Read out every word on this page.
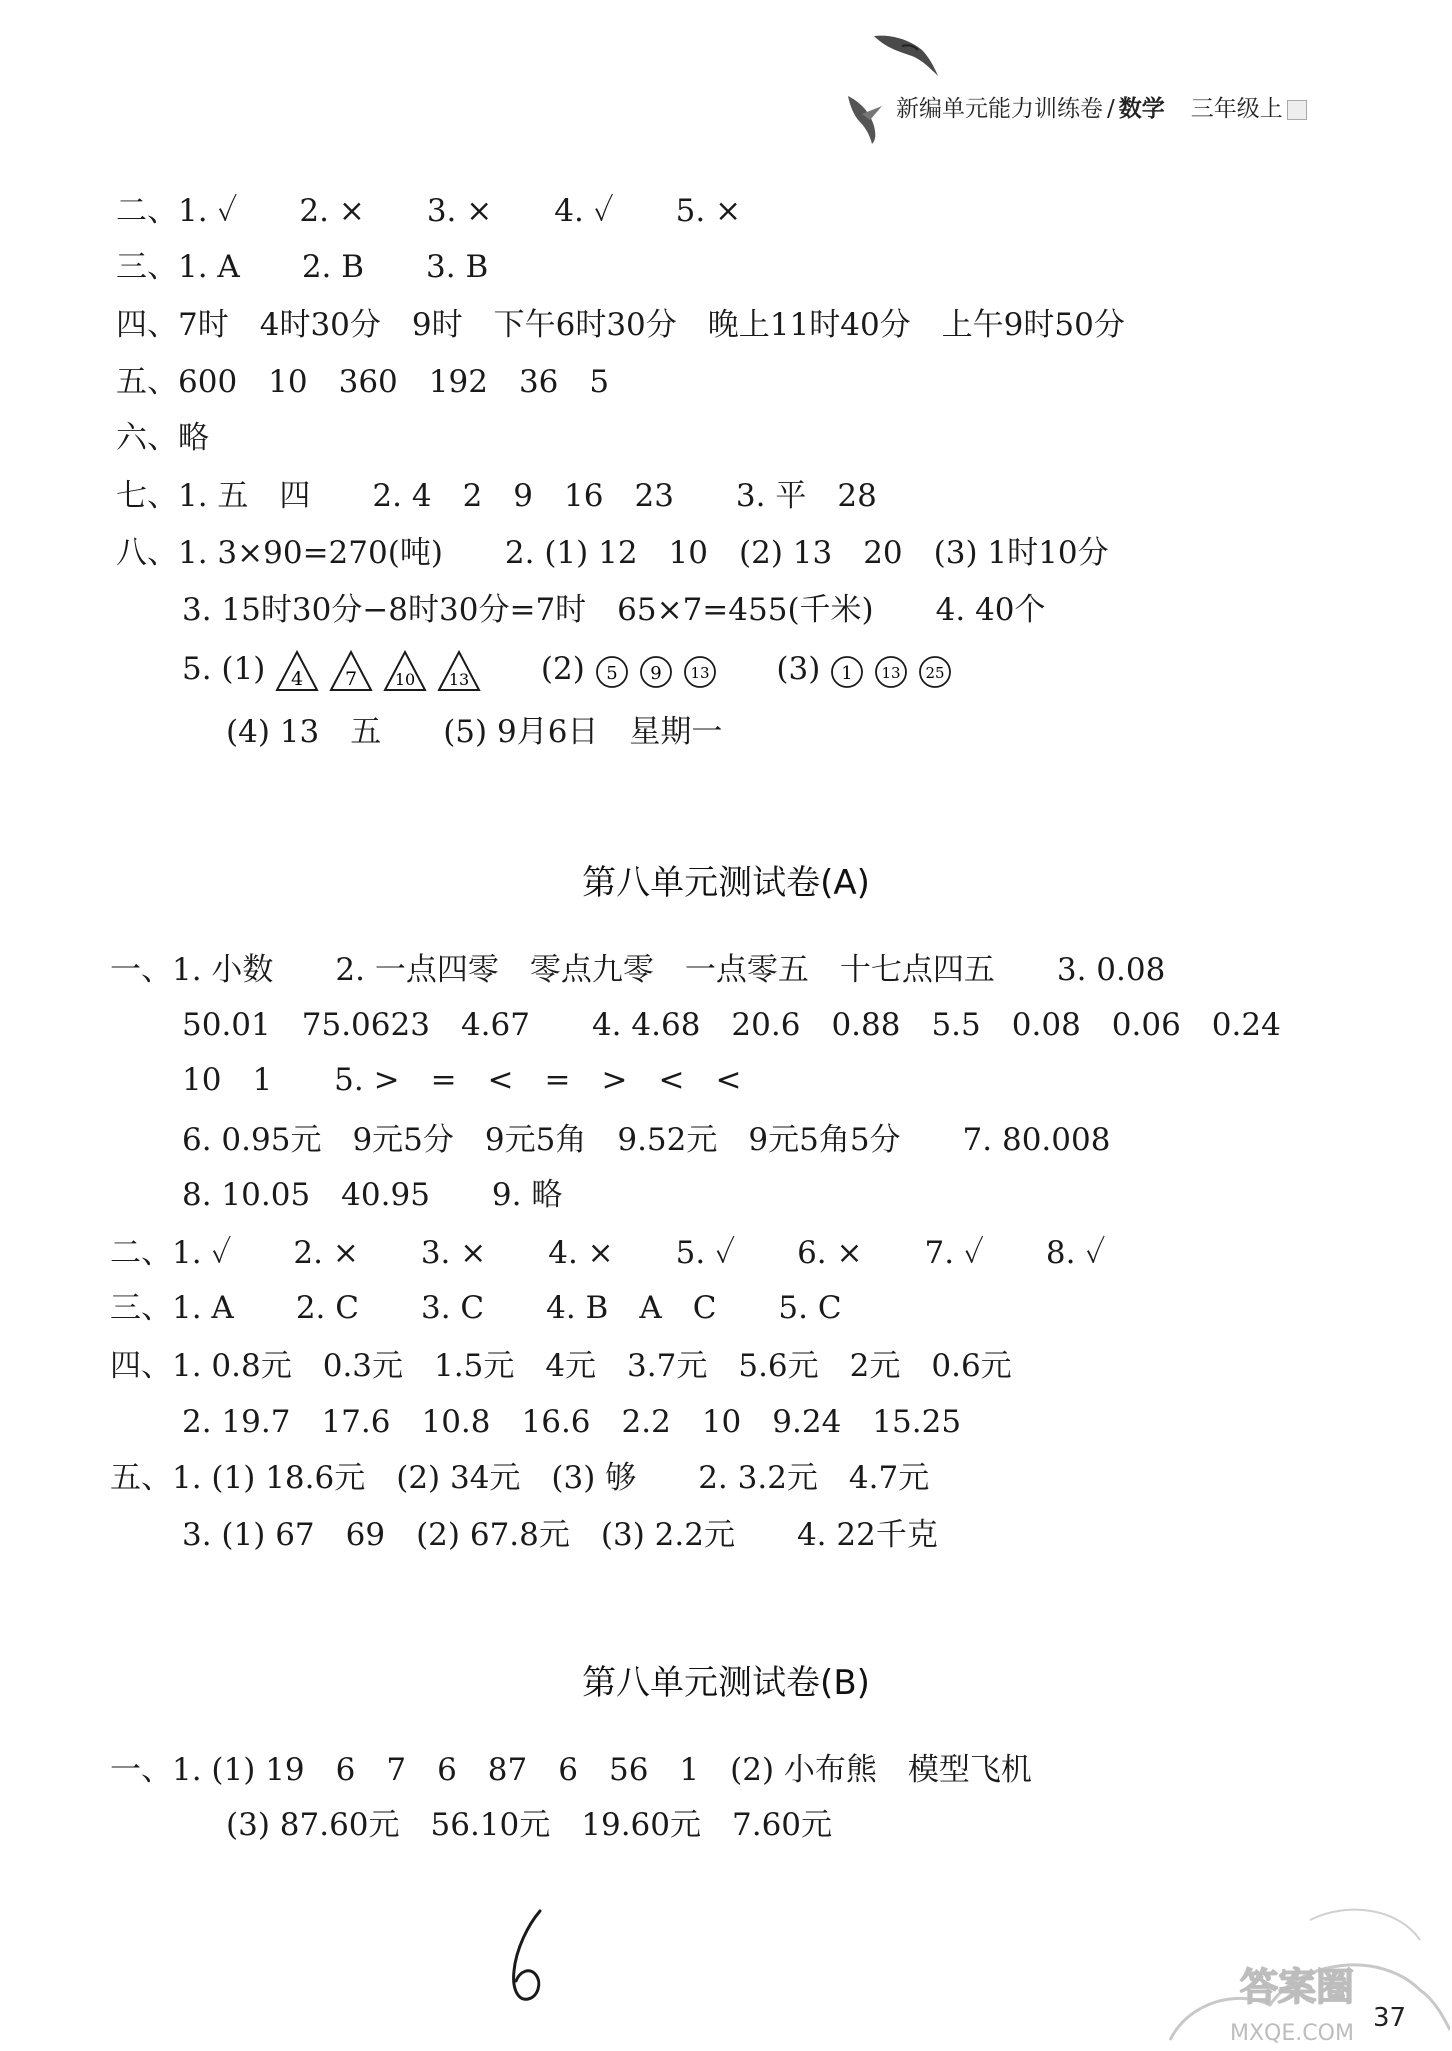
新编单元能力训练卷 / 数学 三年级上
二、1. ✓　　2. ×　　3. ×　　4. ✓　　5. ×
三、1. A　　2. B　　3. B
四、7时　4时30分　9时　下午6时30分　晚上11时40分　上午9时50分
五、600　10　360　192　36　5
六、略
七、1. 五　四　　2. 4　2　9　16　23　　3. 平　28
八、1. 3×90=270(吨)　　2. (1) 12　10　(2) 13　20　(3) 1时10分
3. 15时30分−8时30分=7时　65×7=455(千米)　　4. 40个
5. (1) 4 7 10 13 (2) 5 9 13 (3) 1 13 25
(4) 13　五　　(5) 9月6日　星期一
第八单元测试卷(A)
一、1. 小数　　2. 一点四零　零点九零　一点零五　十七点四五　　3. 0.08
50.01　75.0623　4.67　　4. 4.68　20.6　0.88　5.5　0.08　0.06　0.24
10　1　　5. >　=　<　=　>　<　<
6. 0.95元　9元5分　9元5角　9.52元　9元5角5分　　7. 80.008
8. 10.05　40.95　　9. 略
二、1. ✓　　2. ×　　3. ×　　4. ×　　5. ✓　　6. ×　　7. ✓　　8. ✓
三、1. A　　2. C　　3. C　　4. B　A　C　　5. C
四、1. 0.8元　0.3元　1.5元　4元　3.7元　5.6元　2元　0.6元
2. 19.7　17.6　10.8　16.6　2.2　10　9.24　15.25
五、1. (1) 18.6元　(2) 34元　(3) 够　　2. 3.2元　4.7元
3. (1) 67　69　(2) 67.8元　(3) 2.2元　　4. 22千克
第八单元测试卷(B)
一、1. (1) 19　6　7　6　87　6　56　1　(2) 小布熊　模型飞机
(3) 87.60元　56.10元　19.60元　7.60元
答案圈
MXQE.COM
37
